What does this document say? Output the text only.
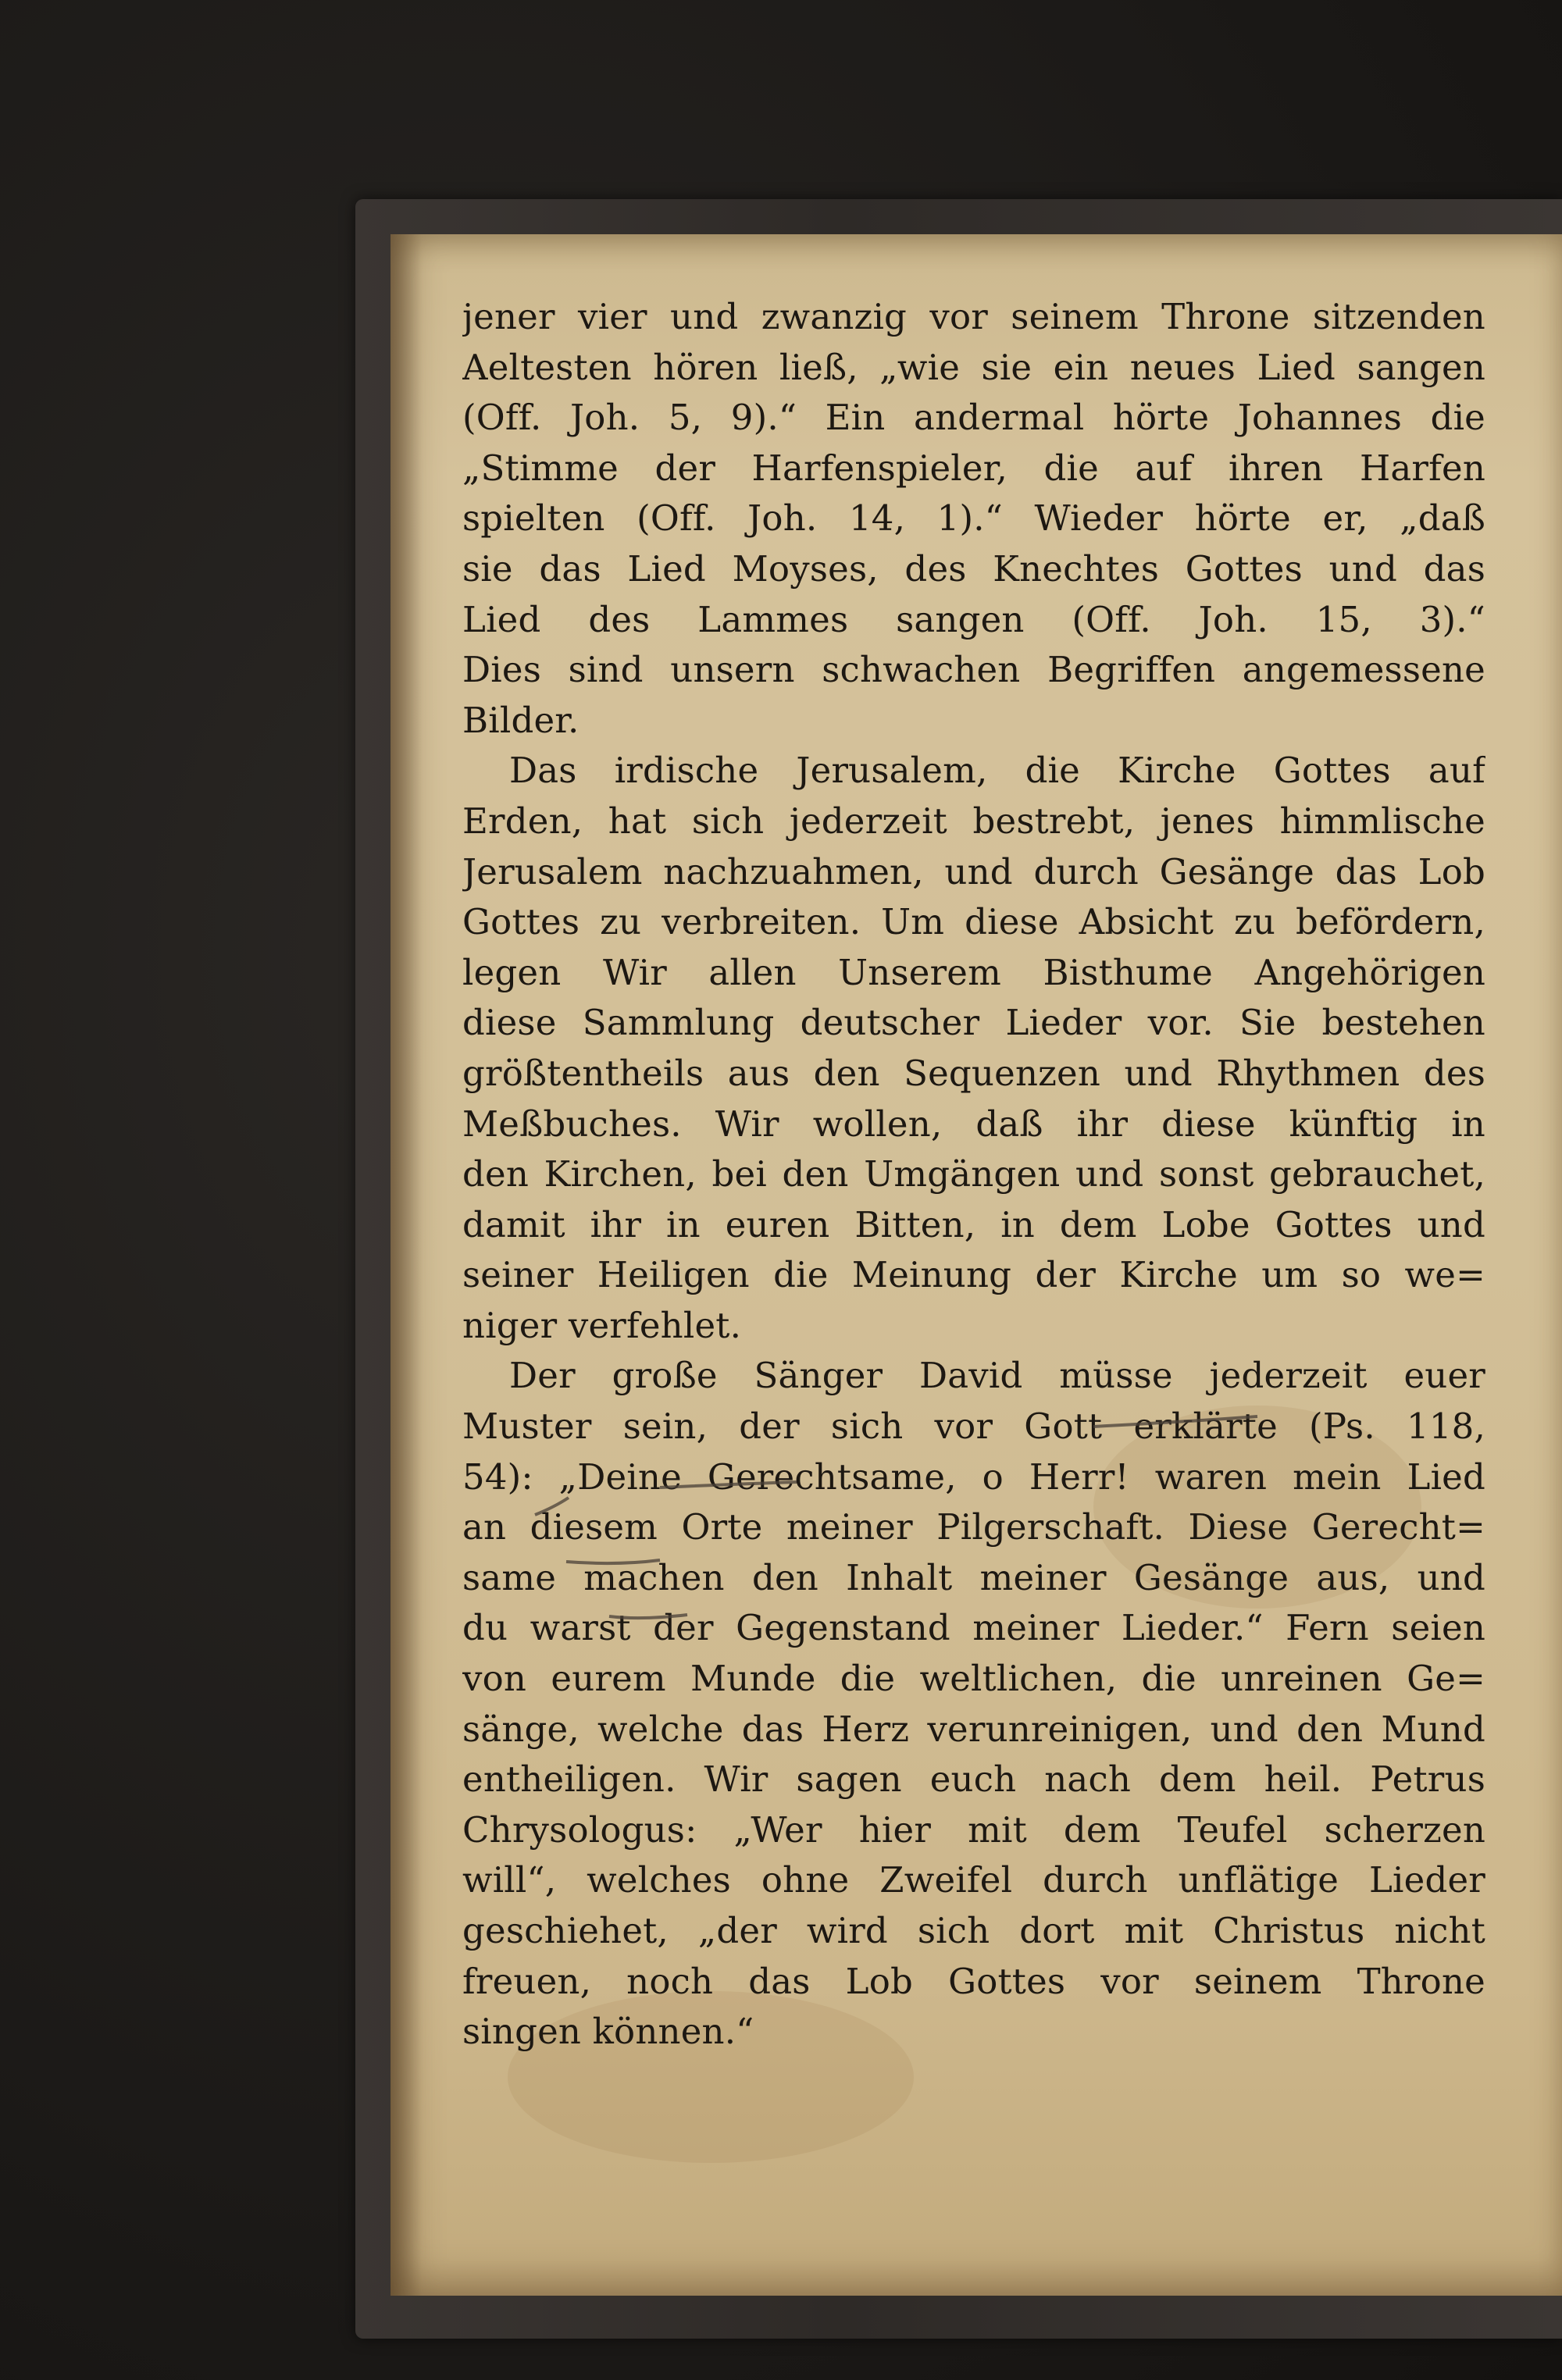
jener vier und zwanzig vor seinem Throne sitzenden
Aeltesten hören ließ, „wie sie ein neues Lied sangen
(Off. Joh. 5, 9).“ Ein andermal hörte Johannes die
„Stimme der Harfenspieler, die auf ihren Harfen
spielten (Off. Joh. 14, 1).“ Wieder hörte er, „daß
sie das Lied Moyses, des Knechtes Gottes und das
Lied des Lammes sangen (Off. Joh. 15, 3).“
Dies sind unsern schwachen Begriffen angemessene
Bilder.
Das irdische Jerusalem, die Kirche Gottes auf
Erden, hat sich jederzeit bestrebt, jenes himmlische
Jerusalem nachzuahmen, und durch Gesänge das Lob
Gottes zu verbreiten. Um diese Absicht zu befördern,
legen Wir allen Unserem Bisthume Angehörigen
diese Sammlung deutscher Lieder vor. Sie bestehen
größtentheils aus den Sequenzen und Rhythmen des
Meßbuches. Wir wollen, daß ihr diese künftig in
den Kirchen, bei den Umgängen und sonst gebrauchet,
damit ihr in euren Bitten, in dem Lobe Gottes und
seiner Heiligen die Meinung der Kirche um so we=
niger verfehlet.
Der große Sänger David müsse jederzeit euer
Muster sein, der sich vor Gott erklärte (Ps. 118,
54): „Deine Gerechtsame, o Herr! waren mein Lied
an diesem Orte meiner Pilgerschaft. Diese Gerecht=
same machen den Inhalt meiner Gesänge aus, und
du warst der Gegenstand meiner Lieder.“ Fern seien
von eurem Munde die weltlichen, die unreinen Ge=
sänge, welche das Herz verunreinigen, und den Mund
entheiligen. Wir sagen euch nach dem heil. Petrus
Chrysologus: „Wer hier mit dem Teufel scherzen
will“, welches ohne Zweifel durch unflätige Lieder
geschiehet, „der wird sich dort mit Christus nicht
freuen, noch das Lob Gottes vor seinem Throne
singen können.“
